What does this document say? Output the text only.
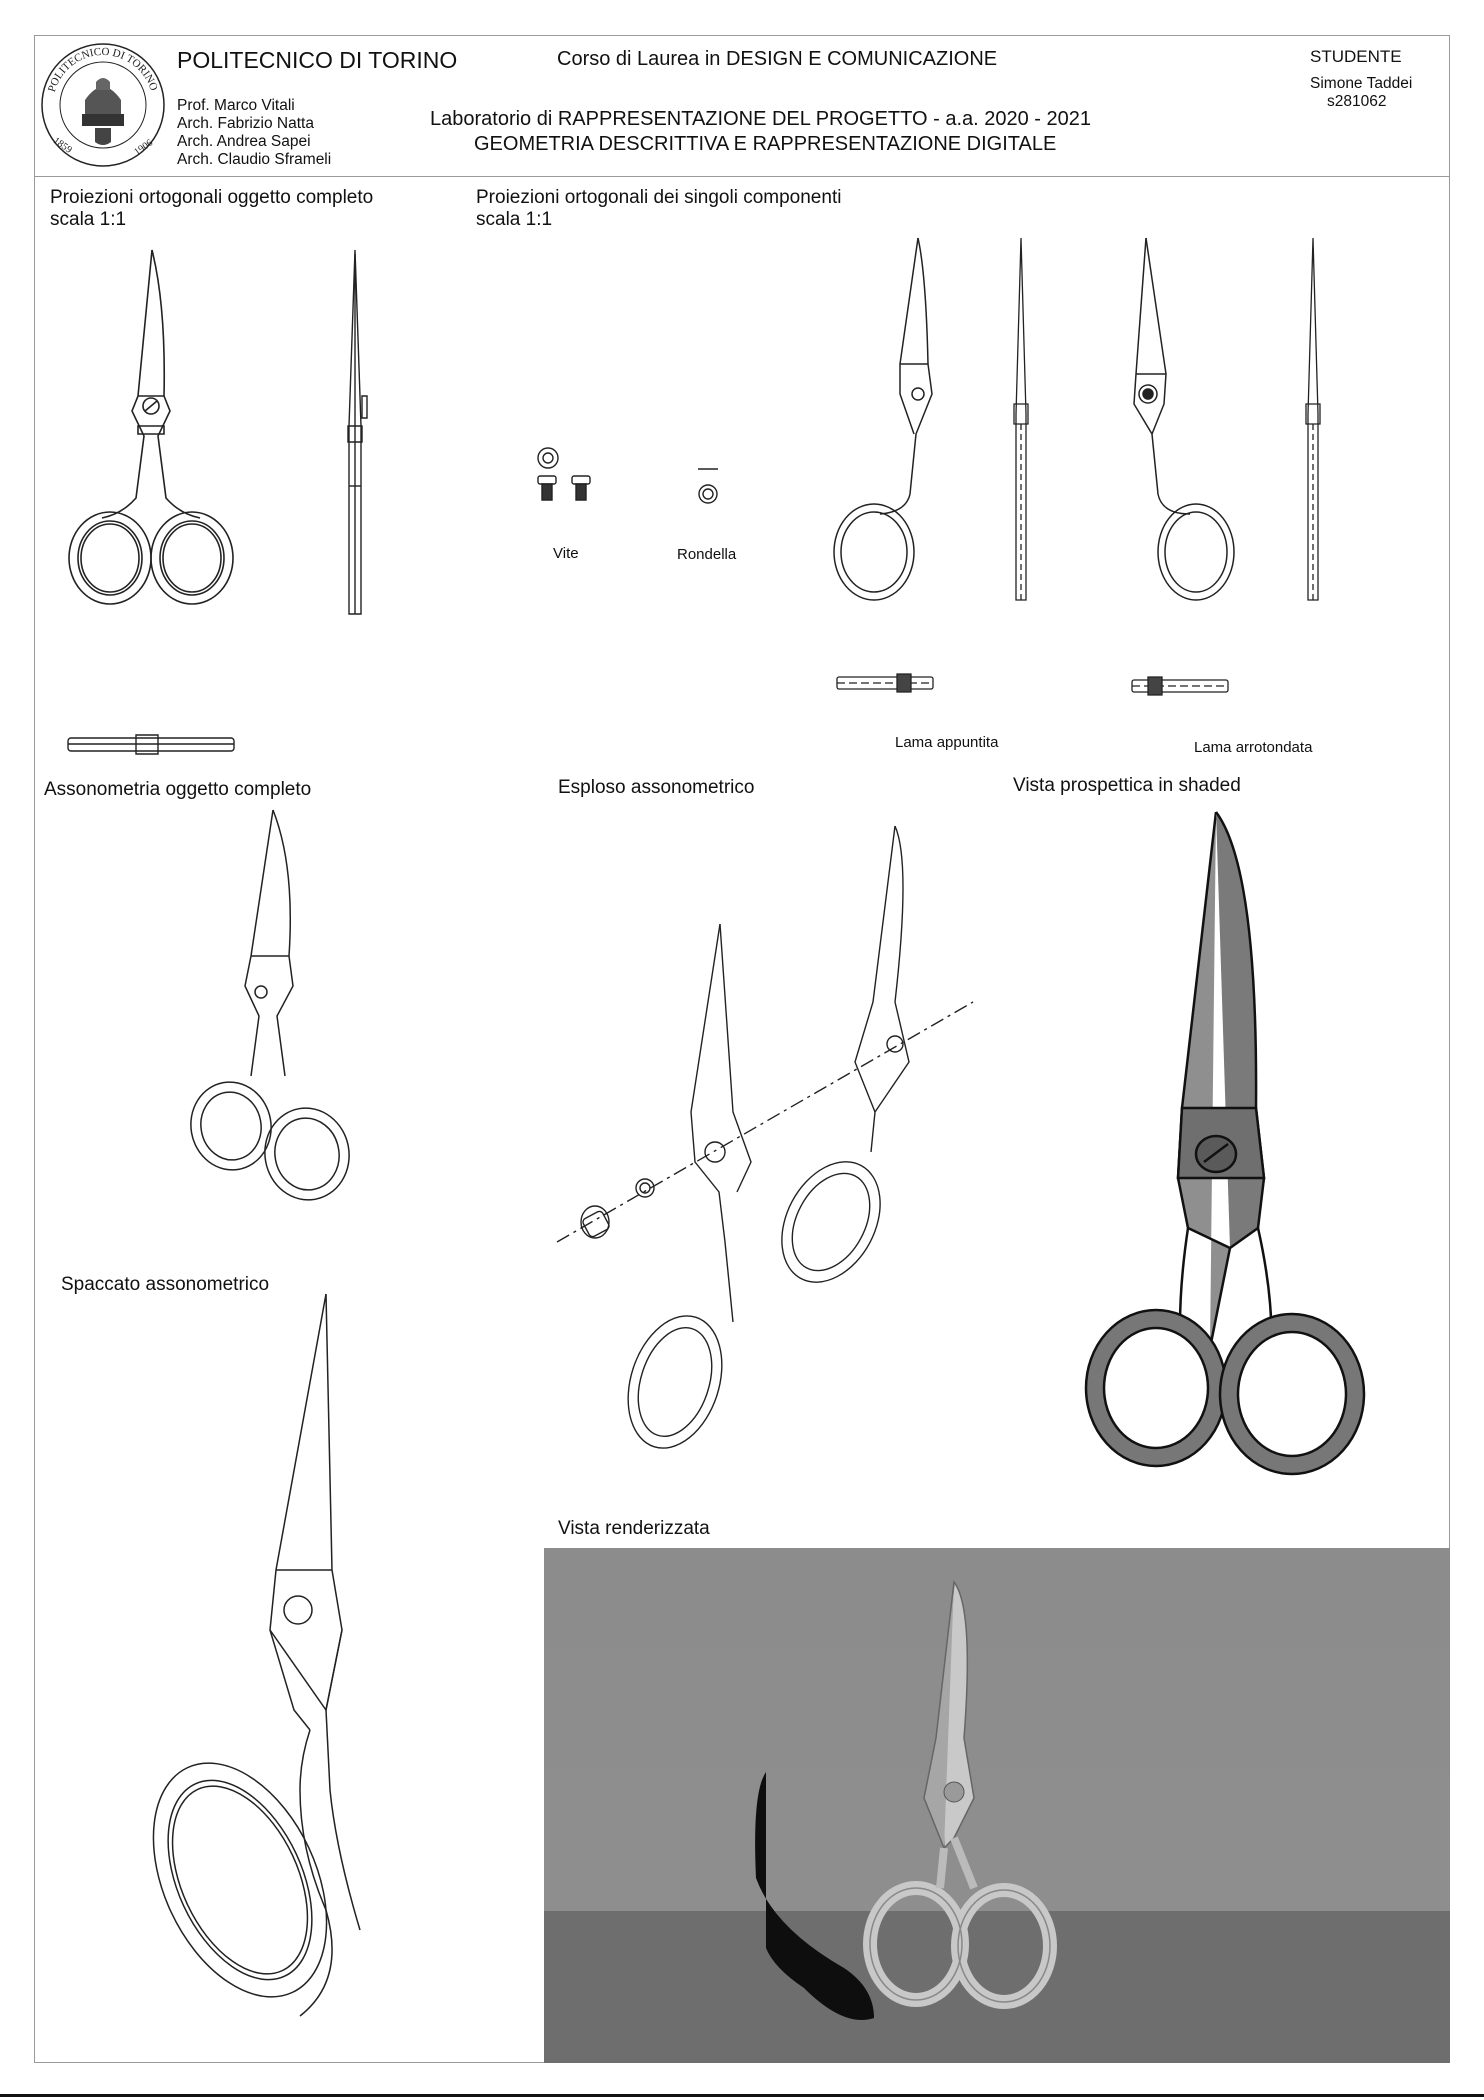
POLITECNICO DI TORINO
1859	1906
POLITECNICO DI TORINO
Prof. Marco Vitali
Arch. Fabrizio Natta
Arch. Andrea Sapei
Arch. Claudio Sframeli
Corso di Laurea in DESIGN E COMUNICAZIONE
Laboratorio di RAPPRESENTAZIONE DEL PROGETTO - a.a. 2020 - 2021
GEOMETRIA DESCRITTIVA E RAPPRESENTAZIONE DIGITALE
STUDENTE
Simone Taddei
s281062
Proiezioni ortogonali oggetto completo
scala 1:1
Proiezioni ortogonali dei singoli componenti
scala 1:1
Assonometria oggetto completo	Esploso assonometrico	Vista prospettica in shaded
Spaccato assonometrico
Vista renderizzata
Vite	Rondella
Lama appuntita	Lama arrotondata
